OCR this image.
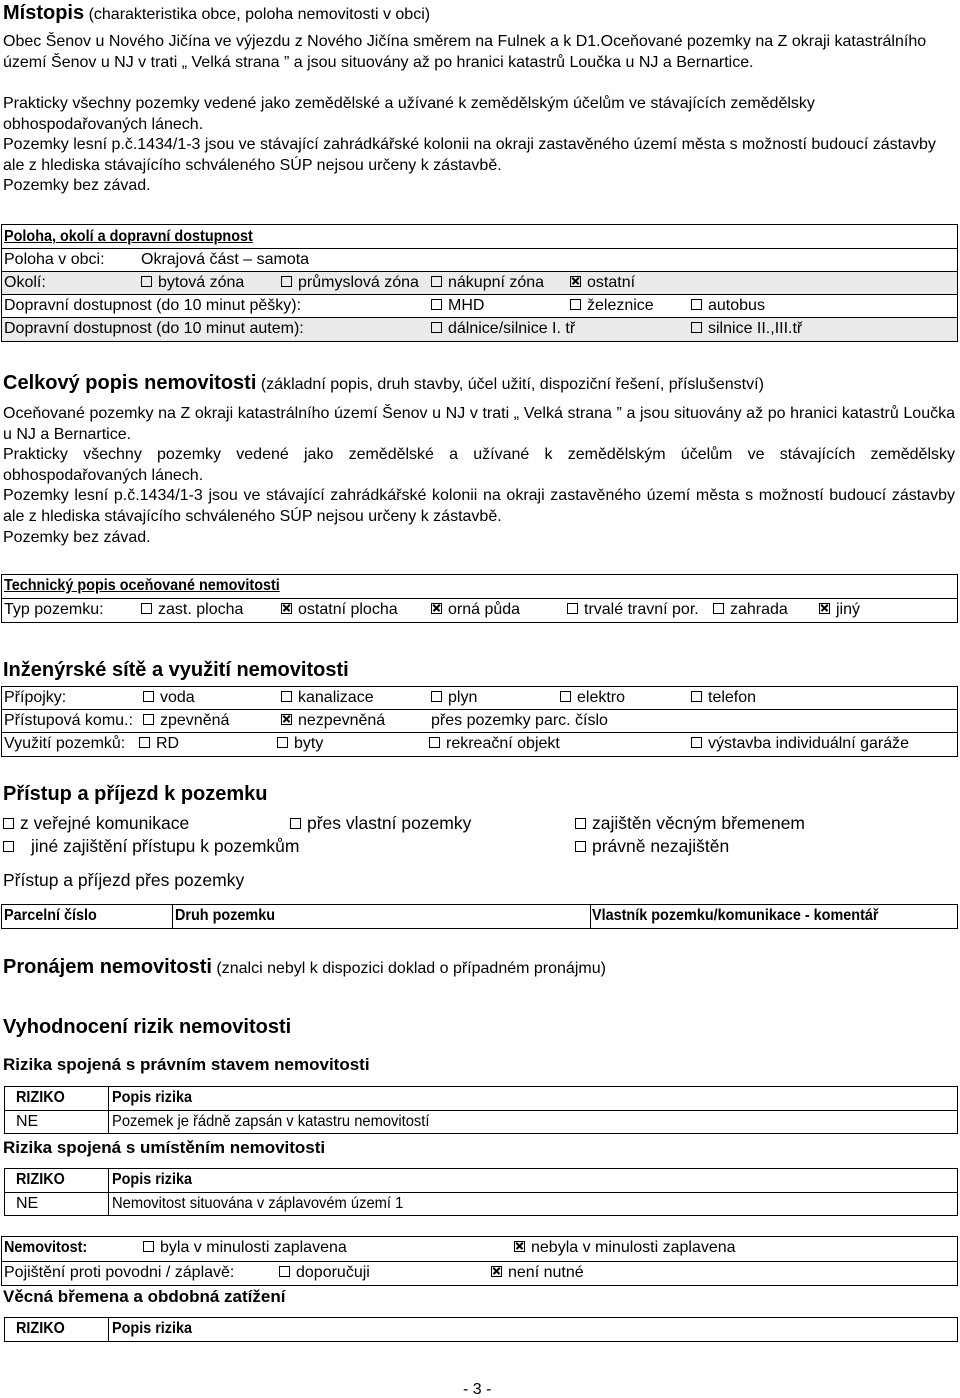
Místopis (charakteristika obce, poloha nemovitosti v obci)
Obec Šenov u Nového Jičína ve výjezdu z Nového Jičína směrem na Fulnek a k D1.Oceňované pozemky na Z okraji katastrálního území Šenov u NJ v trati „ Velká strana ” a jsou situovány až po hranici katastrů Loučka u NJ a Bernartice.
Prakticky všechny pozemky vedené jako zemědělské a užívané k zemědělským účelům ve stávajících zemědělsky obhospodařovaných lánech.
Pozemky lesní p.č.1434/1-3 jsou ve stávající zahrádkářské kolonii na okraji zastavěného území města s možností budoucí zástavby ale z hlediska stávajícího schváleného SÚP nejsou určeny k zástavbě.
Pozemky bez závad.
Poloha, okolí a dopravní dostupnost
Poloha v obci: Okrajová část – samota
Okolí:	bytová zóna	průmyslová zóna	nákupní zóna	ostatní
Dopravní dostupnost (do 10 minut pěšky):	MHD	železnice	autobus
Dopravní dostupnost (do 10 minut autem):	dálnice/silnice I. tř	silnice II.,III.tř
Celkový popis nemovitosti (základní popis, druh stavby, účel užití, dispoziční řešení, příslušenství)
Oceňované pozemky na Z okraji katastrálního území Šenov u NJ v trati „ Velká strana ” a jsou situovány až po hranici katastrů Loučka u NJ a Bernartice.
Prakticky všechny pozemky vedené jako zemědělské a užívané k zemědělským účelům ve stávajících zemědělsky obhospodařovaných lánech.
Pozemky lesní p.č.1434/1-3 jsou ve stávající zahrádkářské kolonii na okraji zastavěného území města s možností budoucí zástavby ale z hlediska stávajícího schváleného SÚP nejsou určeny k zástavbě.
Pozemky bez závad.
Technický popis oceňované nemovitosti
Typ pozemku:	zast. plocha	ostatní plocha	orná půda	trvalé travní por.	zahrada	jiný
Inženýrské sítě a využití nemovitosti
Přípojky:	voda	kanalizace	plyn	elektro	telefon
Přístupová komu.:	zpevněná	nezpevněná	přes pozemky parc. číslo
Využití pozemků:	RD	byty	rekreační objekt	výstavba individuální garáže
Přístup a příjezd k pozemku
z veřejné komunikace	přes vlastní pozemky	zajištěn věcným břemenem
jiné zajištění přístupu k pozemkům	právně nezajištěn
Přístup a příjezd přes pozemky
Parcelní číslo	Druh pozemku	Vlastník pozemku/komunikace - komentář
Pronájem nemovitosti (znalci nebyl k dispozici doklad o případném pronájmu)
Vyhodnocení rizik nemovitosti
Rizika spojená s právním stavem nemovitosti
RIZIKO	Popis rizika
NE	Pozemek je řádně zapsán v katastru nemovitostí
Rizika spojená s umístěním nemovitosti
RIZIKO	Popis rizika
NE	Nemovitost situována v záplavovém území 1
Nemovitost:	byla v minulosti zaplavena	nebyla v minulosti zaplavena
Pojištění proti povodni / záplavě:	doporučuji	není nutné
Věcná břemena a obdobná zatížení
RIZIKO	Popis rizika
- 3 -
